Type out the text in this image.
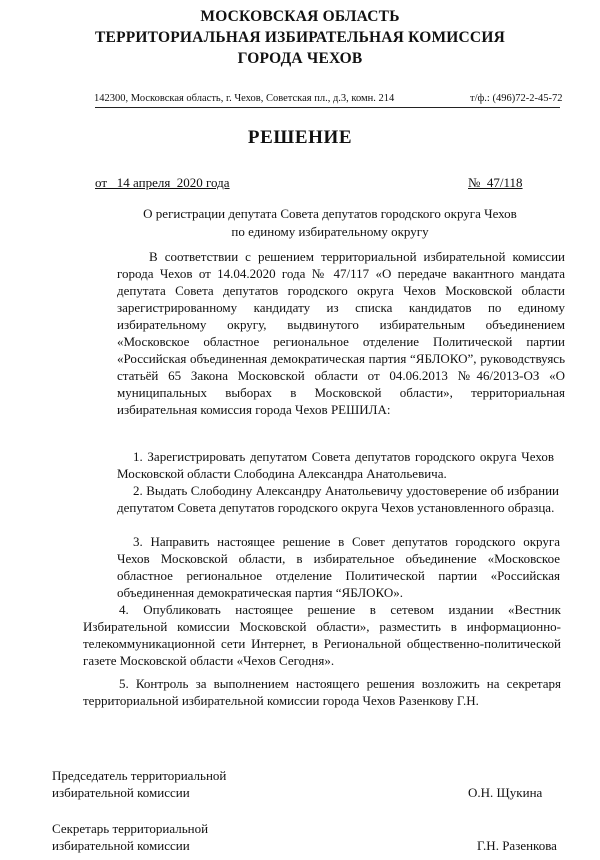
МОСКОВСКАЯ ОБЛАСТЬ
ТЕРРИТОРИАЛЬНАЯ ИЗБИРАТЕЛЬНАЯ КОМИССИЯ
ГОРОДА ЧЕХОВ
142300, Московская область, г. Чехов, Советская пл., д.3, комн. 214	т/ф.: (496)72-2-45-72
РЕШЕНИЕ
от   14 апреля  2020 года	№  47/118
О регистрации депутата Совета депутатов городского округа Чехов
по единому избирательному округу
В соответствии с решением территориальной избирательной комиссии города Чехов от 14.04.2020 года № 47/117 «О передаче вакантного мандата депутата Совета депутатов городского округа Чехов Московской области зарегистрированному кандидату из списка кандидатов по единому избирательному округу, выдвинутого избирательным объединением «Московское областное региональное отделение Политической партии «Российская объединенная демократическая партия “ЯБЛОКО”, руководствуясь статьёй 65 Закона Московской области от 04.06.2013 №46/2013-ОЗ «О муниципальных выборах в Московской области», территориальная избирательная комиссия города Чехов РЕШИЛА:
1. Зарегистрировать депутатом Совета депутатов городского округа Чехов Московской области Слободина Александра Анатольевича.
2. Выдать Слободину Александру Анатольевичу удостоверение об избрании депутатом Совета депутатов городского округа Чехов установленного образца.
3. Направить настоящее решение в Совет депутатов городского округа Чехов Московской области, в избирательное объединение «Московское областное региональное отделение Политической партии «Российская объединенная демократическая партия “ЯБЛОКО».
4. Опубликовать настоящее решение в сетевом издании «Вестник Избирательной комиссии Московской области», разместить в информационно-телекоммуникационной сети Интернет, в Региональной общественно-политической газете Московской области «Чехов Сегодня».
5. Контроль за выполнением настоящего решения возложить на секретаря территориальной избирательной комиссии города Чехов Разенкову Г.Н.
Председатель территориальной
избирательной комиссии	О.Н. Щукина
Секретарь территориальной
избирательной комиссии	Г.Н. Разенкова
